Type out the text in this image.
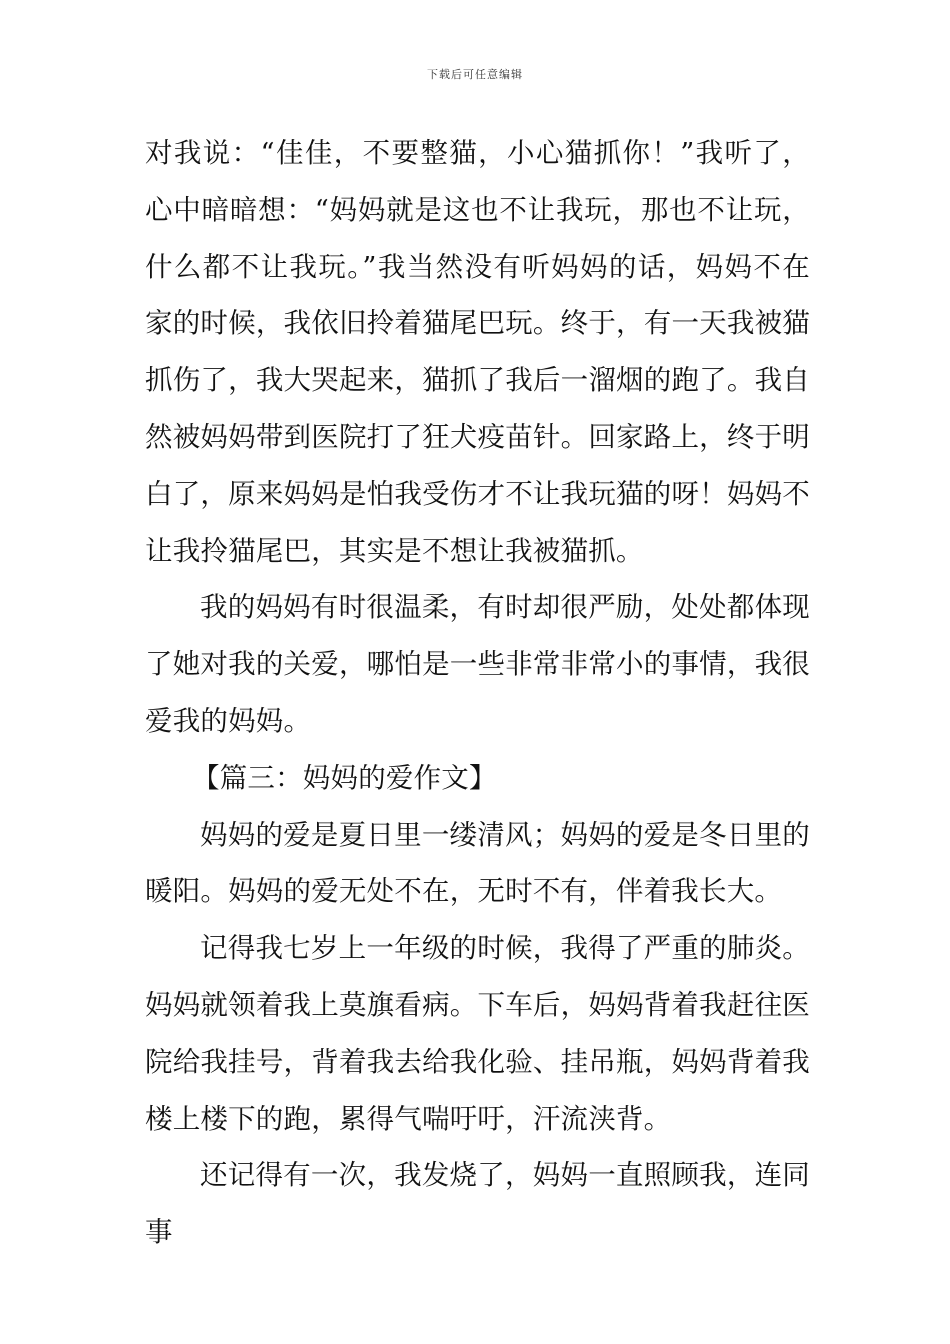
下载后可任意编辑

对我说：“佳佳，不要整猫，小心猫抓你！”我听了，心中暗暗想：“妈妈就是这也不让我玩，那也不让玩，什么都不让我玩。”我当然没有听妈妈的话，妈妈不在家的时候，我依旧拎着猫尾巴玩。终于，有一天我被猫抓伤了，我大哭起来，猫抓了我后一溜烟的跑了。我自然被妈妈带到医院打了狂犬疫苗针。回家路上，终于明白了，原来妈妈是怕我受伤才不让我玩猫的呀！妈妈不让我拎猫尾巴，其实是不想让我被猫抓。

我的妈妈有时很温柔，有时却很严励，处处都体现了她对我的关爱，哪怕是一些非常非常小的事情，我很爱我的妈妈。

【篇三：妈妈的爱作文】

妈妈的爱是夏日里一缕清风；妈妈的爱是冬日里的暖阳。妈妈的爱无处不在，无时不有，伴着我长大。

记得我七岁上一年级的时候，我得了严重的肺炎。妈妈就领着我上莫旗看病。下车后，妈妈背着我赶往医院给我挂号，背着我去给我化验、挂吊瓶，妈妈背着我楼上楼下的跑，累得气喘吁吁，汗流浃背。

还记得有一次，我发烧了，妈妈一直照顾我，连同事
